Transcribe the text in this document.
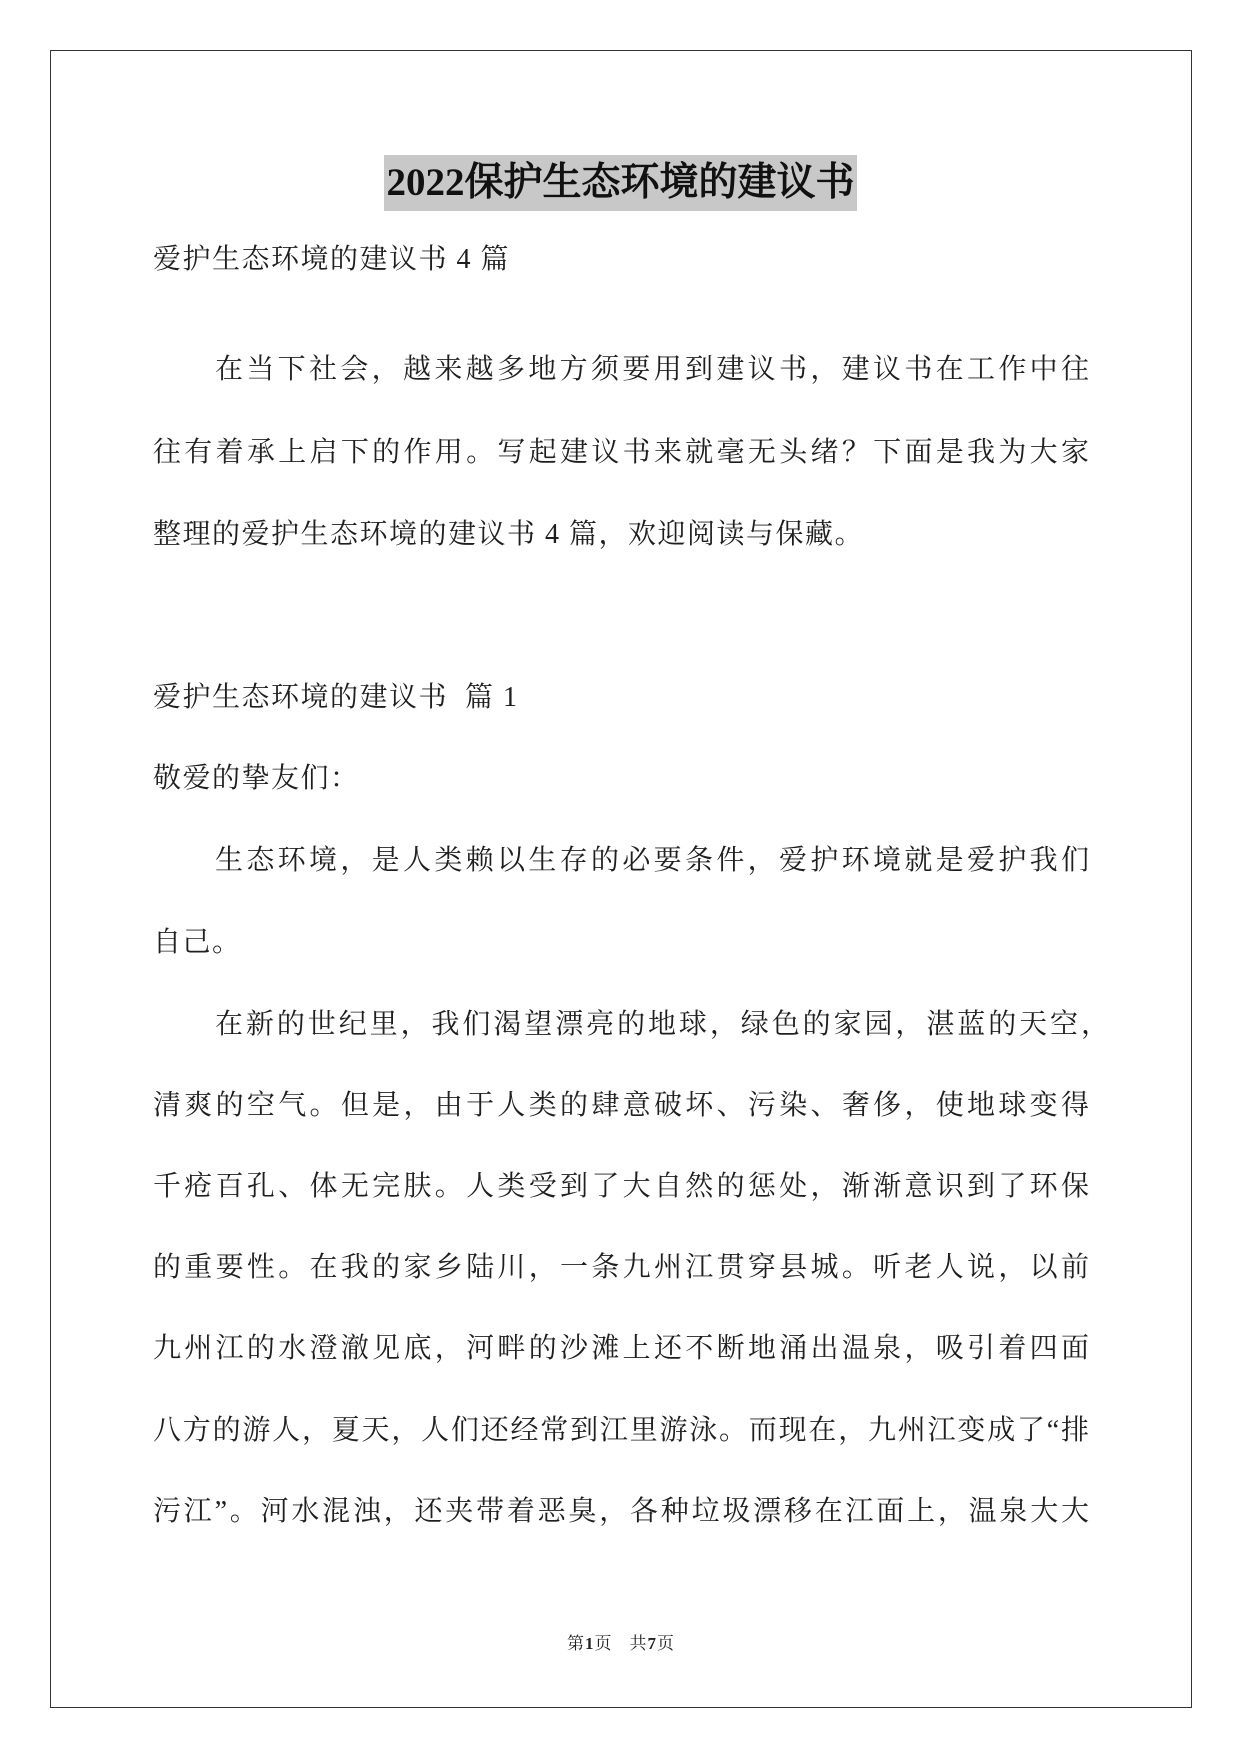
2022保护生态环境的建议书
爱护生态环境的建议书 4 篇
在当下社会，越来越多地方须要用到建议书，建议书在工作中往
往有着承上启下的作用。写起建议书来就毫无头绪？下面是我为大家
整理的爱护生态环境的建议书 4 篇，欢迎阅读与保藏。
爱护生态环境的建议书  篇 1
敬爱的挚友们：
生态环境，是人类赖以生存的必要条件，爱护环境就是爱护我们
自己。
在新的世纪里，我们渴望漂亮的地球，绿色的家园，湛蓝的天空，
清爽的空气。但是，由于人类的肆意破坏、污染、奢侈，使地球变得
千疮百孔、体无完肤。人类受到了大自然的惩处，渐渐意识到了环保
的重要性。在我的家乡陆川，一条九州江贯穿县城。听老人说，以前
九州江的水澄澈见底，河畔的沙滩上还不断地涌出温泉，吸引着四面
八方的游人，夏天，人们还经常到江里游泳。而现在，九州江变成了“排
污江”。河水混浊，还夹带着恶臭，各种垃圾漂移在江面上，温泉大大
第1页 共7页
